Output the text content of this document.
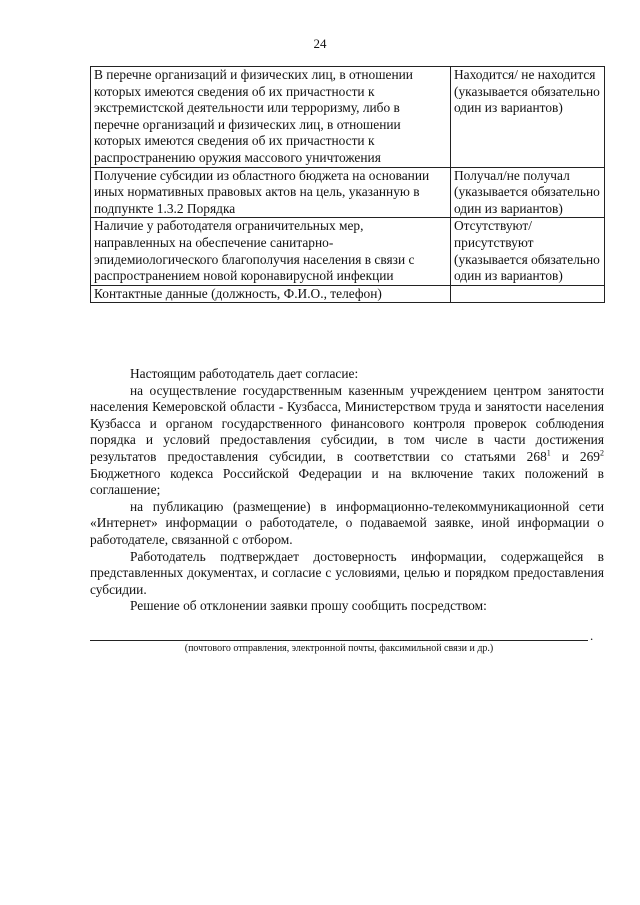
24
В перечне организаций и физических лиц, в отношении которых имеются сведения об их причастности к экстремистской деятельности или терроризму, либо в перечне организаций и физических лиц, в отношении которых имеются сведения об их причастности к распространению оружия массового уничтожения	Находится/ не находится (указывается обязательно один из вариантов)
Получение субсидии из областного бюджета на основании иных нормативных правовых актов на цель, указанную в подпункте 1.3.2 Порядка	Получал/не получал (указывается обязательно один из вариантов)
Наличие у работодателя ограничительных мер, направленных на обеспечение санитарно-эпидемиологического благополучия населения в связи с распространением новой коронавирусной инфекции	Отсутствуют/ присутствуют (указывается обязательно один из вариантов)
Контактные данные (должность, Ф.И.О., телефон)	

Настоящим работодатель дает согласие:

на осуществление государственным казенным учреждением центром занятости населения Кемеровской области - Кузбасса, Министерством труда и занятости населения Кузбасса и органом государственного финансового контроля проверок соблюдения порядка и условий предоставления субсидии, в том числе в части достижения результатов предоставления субсидии, в соответствии со статьями $268^1$ и $269^2$ Бюджетного кодекса Российской Федерации и на включение таких положений в соглашение;

на публикацию (размещение) в информационно-телекоммуникационной сети «Интернет» информации о работодателе, о подаваемой заявке, иной информации о работодателе, связанной с отбором.

Работодатель подтверждает достоверность информации, содержащейся в представленных документах, и согласие с условиями, целью и порядком предоставления субсидии.

Решение об отклонении заявки прошу сообщить посредством:

.
(почтового отправления, электронной почты, факсимильной связи и др.)
